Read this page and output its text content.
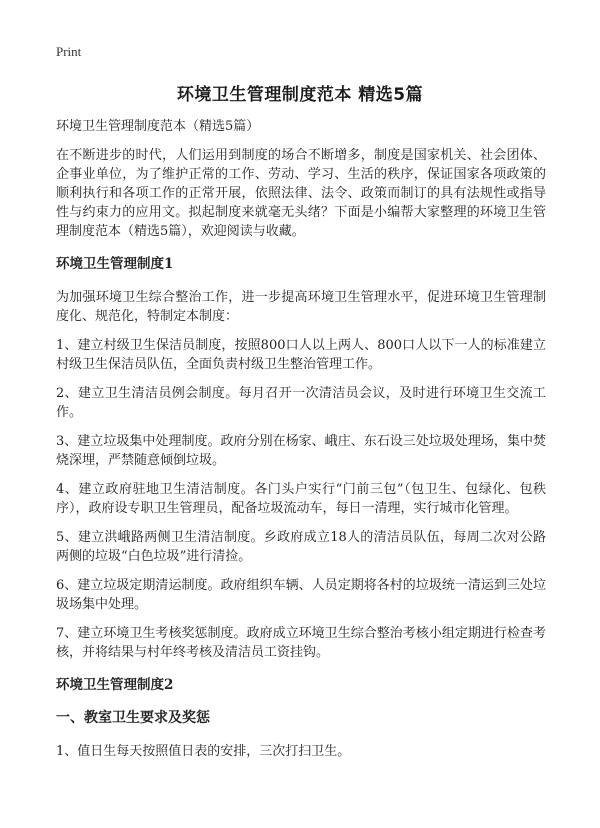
Print
环境卫生管理制度范本 精选5篇
环境卫生管理制度范本（精选5篇）

在不断进步的时代，人们运用到制度的场合不断增多，制度是国家机关、社会团体、企事业单位，为了维护正常的工作、劳动、学习、生活的秩序，保证国家各项政策的顺利执行和各项工作的正常开展，依照法律、法令、政策而制订的具有法规性或指导性与约束力的应用文。拟起制度来就毫无头绪？下面是小编帮大家整理的环境卫生管理制度范本（精选5篇），欢迎阅读与收藏。

环境卫生管理制度1

为加强环境卫生综合整治工作，进一步提高环境卫生管理水平，促进环境卫生管理制度化、规范化，特制定本制度：

1、建立村级卫生保洁员制度，按照800口人以上两人、800口人以下一人的标准建立村级卫生保洁员队伍，全面负责村级卫生整治管理工作。

2、建立卫生清洁员例会制度。每月召开一次清洁员会议，及时进行环境卫生交流工作。

3、建立垃圾集中处理制度。政府分别在杨家、峨庄、东石设三处垃圾处理场，集中焚烧深埋，严禁随意倾倒垃圾。

4、建立政府驻地卫生清洁制度。各门头户实行“门前三包”（包卫生、包绿化、包秩序），政府设专职卫生管理员，配备垃圾流动车，每日一清理，实行城市化管理。

5、建立洪峨路两侧卫生清洁制度。乡政府成立18人的清洁员队伍，每周二次对公路两侧的垃圾“白色垃圾”进行清捡。

6、建立垃圾定期清运制度。政府组织车辆、人员定期将各村的垃圾统一清运到三处垃圾场集中处理。

7、建立环境卫生考核奖惩制度。政府成立环境卫生综合整治考核小组定期进行检查考核，并将结果与村年终考核及清洁员工资挂钩。

环境卫生管理制度2
一、教室卫生要求及奖惩

1、值日生每天按照值日表的安排，三次打扫卫生。
